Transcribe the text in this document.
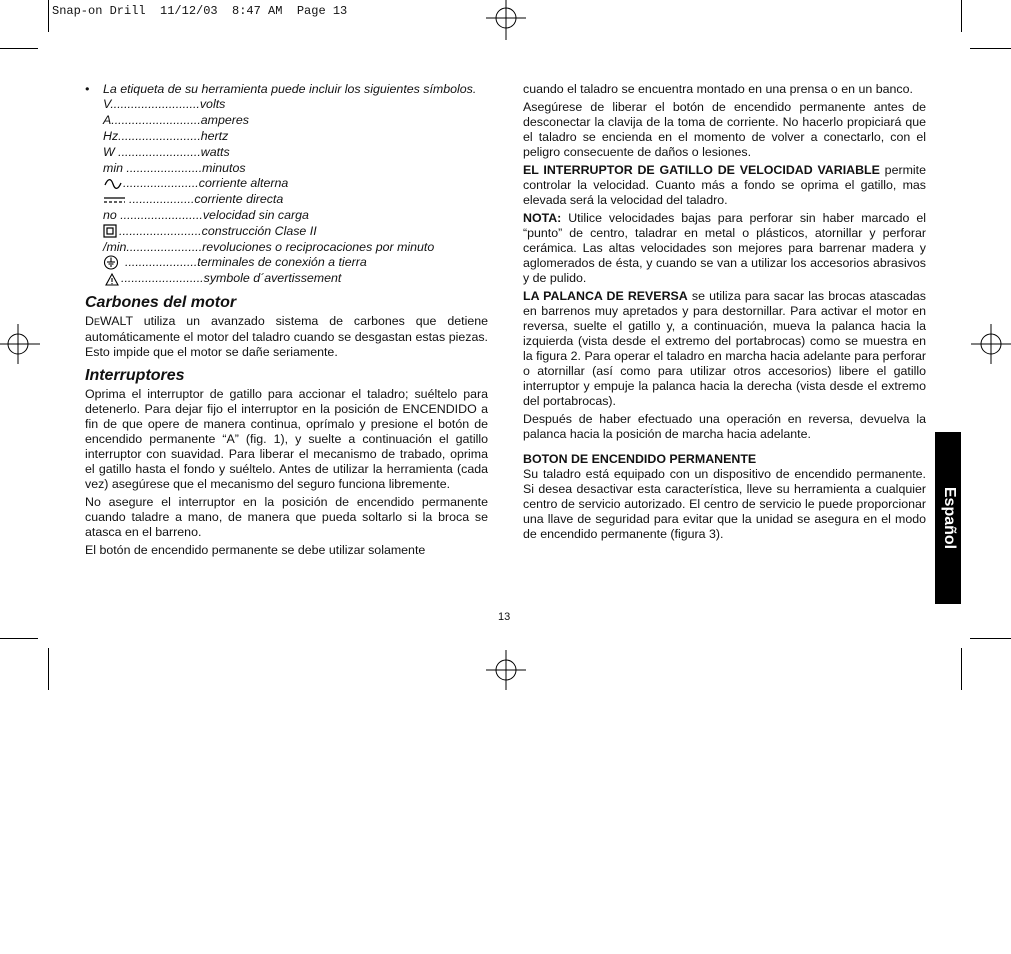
Snap-on Drill  11/12/03  8:47 AM  Page 13
• La etiqueta de su herramienta puede incluir los siguientes símbolos.
V.......................... volts
A.......................... amperes
Hz........................ hertz
W ........................ watts
min ...................... minutos
...................... corriente alterna
................... corriente directa
no ........................ velocidad sin carga
........................ construcción Clase II
/min...................... revoluciones o reciprocaciones por minuto
..................... terminales de conexión a tierra
........................ symbole d´avertissement
Carbones del motor

DEWALT utiliza un avanzado sistema de carbones que detiene automáticamente el motor del taladro cuando se desgastan estas piezas. Esto impide que el motor se dañe seriamente.

Interruptores

Oprima el interruptor de gatillo para accionar el taladro; suéltelo para detenerlo. Para dejar fijo el interruptor en la posición de ENCENDIDO a fin de que opere de manera continua, oprímalo y presione el botón de encendido permanente “A” (fig. 1), y suelte a continuación el gatillo interruptor con suavidad. Para liberar el mecanismo de trabado, oprima el gatillo hasta el fondo y suéltelo. Antes de utilizar la herramienta (cada vez) asegúrese que el mecanismo del seguro funciona libremente.

No asegure el interruptor en la posición de encendido permanente cuando taladre a mano, de manera que pueda soltarlo si la broca se atasca en el barreno.

El botón de encendido permanente se debe utilizar solamente

cuando el taladro se encuentra montado en una prensa o en un banco.

Asegúrese de liberar el botón de encendido permanente antes de desconectar la clavija de la toma de corriente. No hacerlo propiciará que el taladro se encienda en el momento de volver a conectarlo, con el peligro consecuente de daños o lesiones.

EL INTERRUPTOR DE GATILLO DE VELOCIDAD VARIABLE permite controlar la velocidad. Cuanto más a fondo se oprima el gatillo, mas elevada será la velocidad del taladro.

NOTA: Utilice velocidades bajas para perforar sin haber marcado el “punto” de centro, taladrar en metal o plásticos, atornillar y perforar cerámica. Las altas velocidades son mejores para barrenar madera y aglomerados de ésta, y cuando se van a utilizar los accesorios abrasivos y de pulido.

LA PALANCA DE REVERSA se utiliza para sacar las brocas atascadas en barrenos muy apretados y para destornillar. Para activar el motor en reversa, suelte el gatillo y, a continuación, mueva la palanca hacia la izquierda (vista desde el extremo del portabrocas) como se muestra en la figura 2. Para operar el taladro en marcha hacia adelante para perforar o atornillar (así como para utilizar otros accesorios) libere el gatillo interruptor y empuje la palanca hacia la derecha (vista desde el extremo del portabrocas).

Después de haber efectuado una operación en reversa, devuelva la palanca hacia la posición de marcha hacia adelante.

BOTON DE ENCENDIDO PERMANENTE

Su taladro está equipado con un dispositivo de encendido permanente. Si desea desactivar esta característica, lleve su herramienta a cualquier centro de servicio autorizado. El centro de servicio le puede proporcionar una llave de seguridad para evitar que la unidad se asegura en el modo de encendido permanente (figura 3).

13
Español
